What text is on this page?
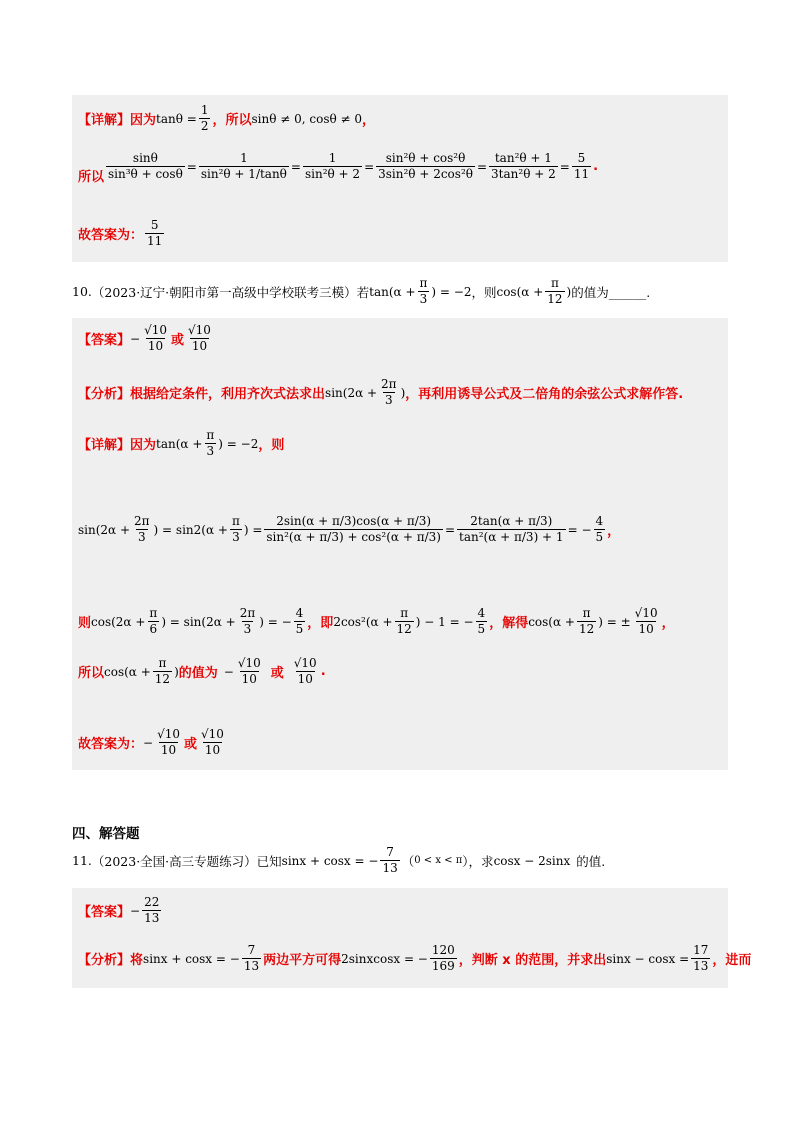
【详解】 因为 $\tan\theta = \frac{1}{2}$ ，所以 sinθ ≠ 0, cosθ ≠ 0 ，
所以 $\frac{\sin\theta}{\text{sin³θ + cosθ}} = \frac{1}{\text{sin²θ + 1/tanθ}} = \frac{1}{\text{sin²θ + 2}} = \frac{\text{sin²θ + cos²θ}}{\text{3sin²θ + 2cos²θ}} = \frac{\text{tan²θ + 1}}{\text{3tan²θ + 2}} = \frac{5}{11}$ .
故答案为： $\frac{5}{11}$
10. （2023·辽宁·朝阳市第一高级中学校联考三模）若 $\tan(\alpha + \frac{\pi}{3}$ ) = −2 ，则 $\cos(\alpha + \frac{\pi}{12}$ ) 的值为______.
【答案】 − $\frac{√10}{10}$ 或 $\frac{√10}{10}$
【分析】 根据给定条件，利用齐次式法求出 $\sin(2\alpha + \frac{2\pi}{3}$ ) ，再利用诱导公式及二倍角的余弦公式求解作答.
【详解】 因为 $\tan(\alpha + \frac{\pi}{3}$ ) = −2 ，则
$\sin(2\alpha + \frac{2\pi}{3}$ ) = $\sin 2(\alpha + \frac{\pi}{3}$ ) = $\frac{2\sin(\alpha + \pi/3)\cos(\alpha + \pi/3)}{\text{sin²(α + π/3) + cos²(α + π/3)}} = \frac{2\tan(\alpha + \pi/3)}{\text{tan²(α + π/3) + 1}}$ = − $\frac{4}{5}$ ，
则 $\cos(2\alpha + \frac{\pi}{6}$ ) = $\sin(2\alpha + \frac{2\pi}{3}$ ) = − $\frac{4}{5}$ ，即 $2\cos^2(\alpha + \frac{\pi}{12}$ ) − 1 = − $\frac{4}{5}$ ，解得 $\cos(\alpha + \frac{\pi}{12}$ ) = ± $\frac{√10}{10}$ ，
所以 $\cos(\alpha + \frac{\pi}{12}$ ) 的值为 − $\frac{√10}{10}$ 或 $\frac{√10}{10}$ .
故答案为： − $\frac{√10}{10}$ 或 $\frac{√10}{10}$
四、解答题
11. （2023·全国·高三专题练习）已知 sinx + cosx = − $\frac{7}{13}$ （ 0 < x < π ），求 cosx − 2sinx 的值.
【答案】 − $\frac{22}{13}$
【分析】 将 sinx + cosx = − $\frac{7}{13}$ 两边平方可得 2sinxcosx = − $\frac{120}{169}$ ，判断 x 的范围，并求出 $\sin x - \cos x = \frac{17}{13}$ ，进而
